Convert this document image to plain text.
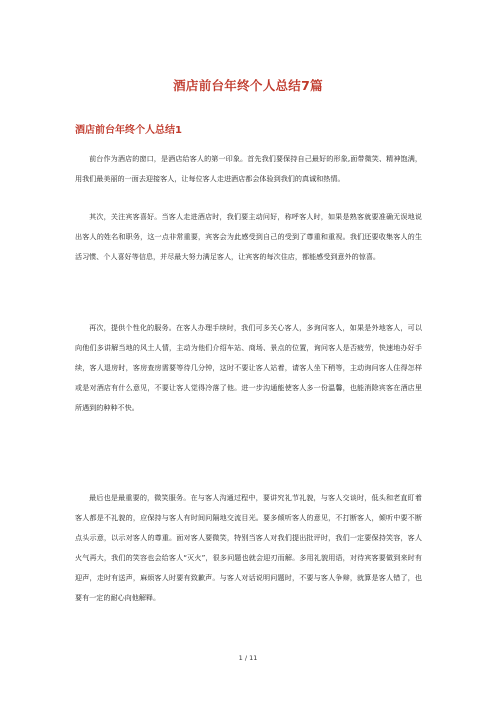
酒店前台年终个人总结7篇
酒店前台年终个人总结1

前台作为酒店的窗口，是酒店给客人的第一印象。首先我们要保持自己最好的形象,面带微笑、精神饱满，用我们最美丽的一面去迎接客人，让每位客人走进酒店都会体验到我们的真诚和热情。

其次，关注宾客喜好。当客人走进酒店时，我们要主动问好，称呼客人时，如果是熟客就要准确无误地说出客人的姓名和职务，这一点非常重要，宾客会为此感受到自己的受到了尊重和重视。我们还要收集客人的生活习惯、个人喜好等信息，并尽最大努力满足客人，让宾客的每次住店，都能感受到意外的惊喜。

再次，提供个性化的服务。在客人办理手续时，我们可多关心客人，多询问客人，如果是外地客人，可以向他们多讲解当地的风土人情，主动为他们介绍车站、商场、景点的位置，询问客人是否疲劳，快速地办好手续，客人退房时，客房查房需要等待几分钟，这时不要让客人站着，请客人坐下稍等，主动询问客人住得怎样或是对酒店有什么意见，不要让客人觉得冷落了他。进一步沟通能使客人多一份温馨，也能消除宾客在酒店里所遇到的种种不快。

最后也是最重要的，微笑服务。在与客人沟通过程中，要讲究礼节礼貌，与客人交谈时，低头和老直盯着客人都是不礼貌的，应保持与客人有时间问隔地交流目光。要多倾听客人的意见，不打断客人，倾听中要不断点头示意，以示对客人的尊重。面对客人要微笑，特别当客人对我们提出批评时，我们一定要保持笑容，客人火气再大，我们的笑容也会给客人“灭火”，很多问题也就会迎刃而解。多用礼貌用语，对待宾客要做到来时有迎声，走时有送声，麻烦客人时要有致歉声。与客人对话说明问题时，不要与客人争辩，就算是客人错了，也要有一定的耐心向他解释。

1 / 11
